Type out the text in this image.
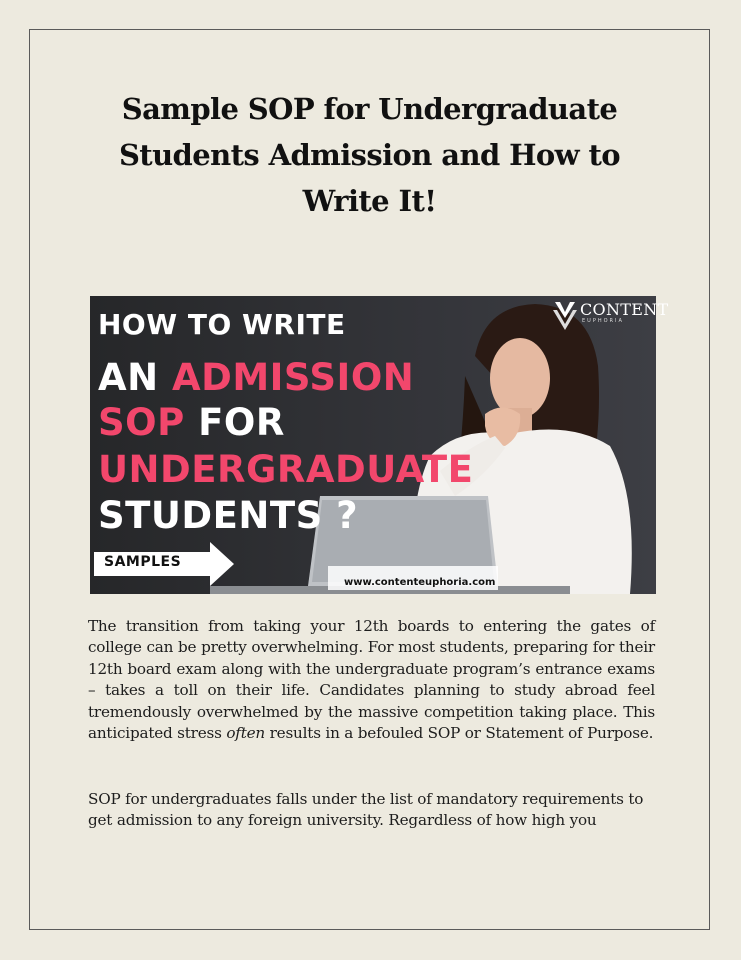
Sample SOP for Undergraduate
Students Admission and How to
Write It!
HOW TO WRITE
AN ADMISSION
SOP FOR
UNDERGRADUATE
STUDENTS ?
SAMPLES
www.contenteuphoria.com
CONTENT
EUPHORIA

The transition from taking your 12th boards to entering the gates of college can be pretty overwhelming. For most students, preparing for their 12th board exam along with the undergraduate program’s entrance exams – takes a toll on their life. Candidates planning to study abroad feel tremendously overwhelmed by the massive competition taking place. This anticipated stress often results in a befouled SOP or Statement of Purpose.

SOP for undergraduates falls under the list of mandatory requirements to get admission to any foreign university. Regardless of how high you
